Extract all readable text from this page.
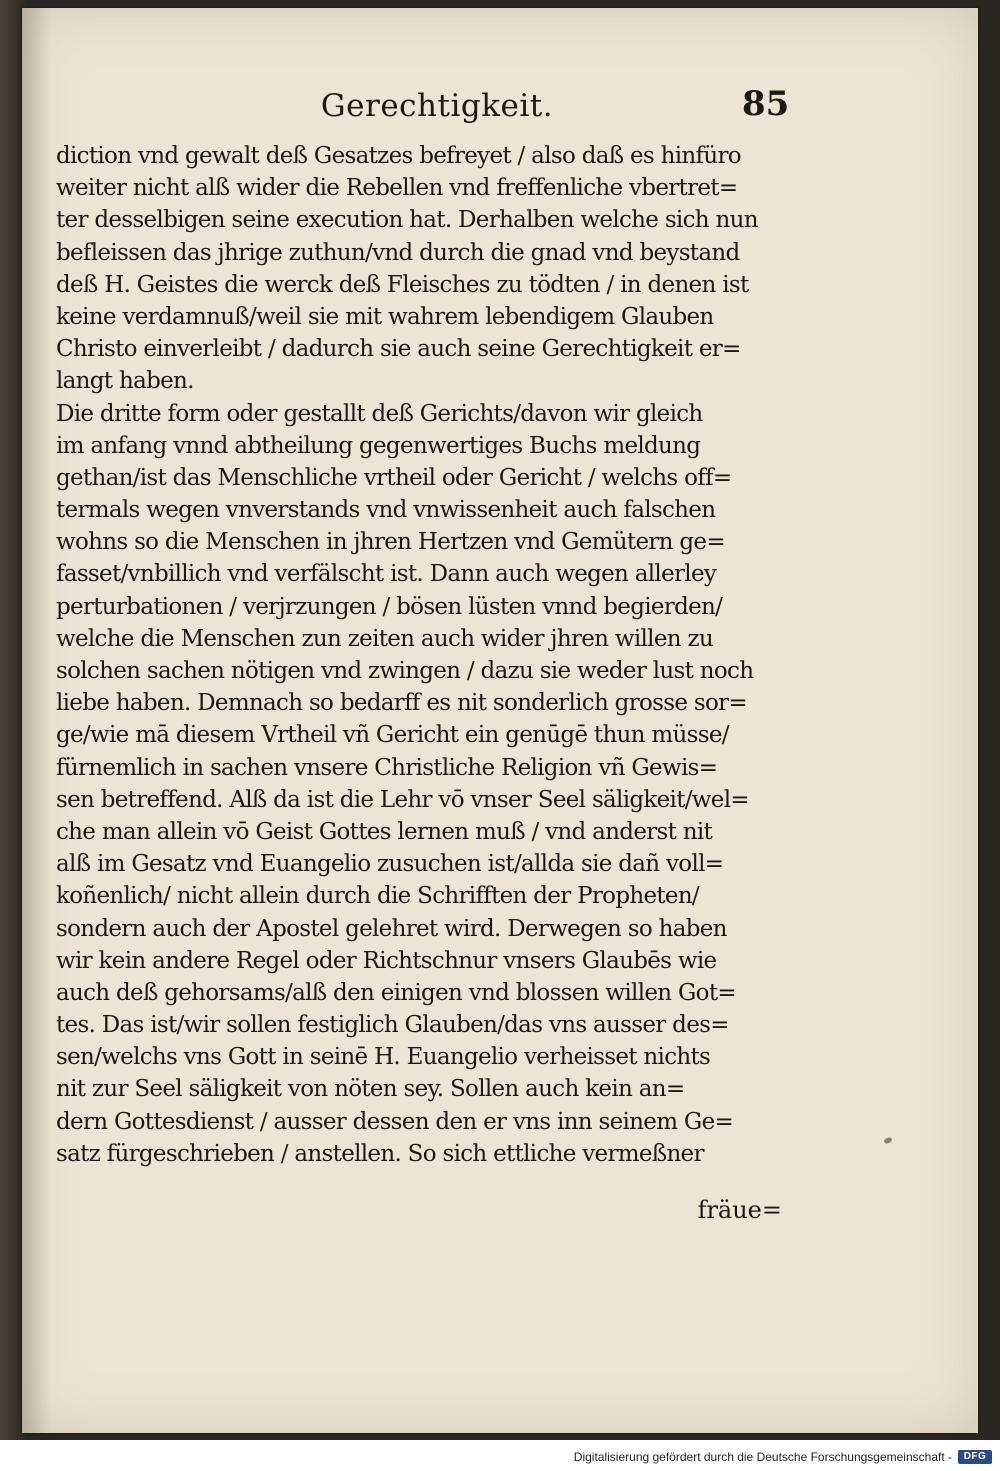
Gerechtigkeit.	85
diction vnd gewalt deß Gesatzes befreyet / also daß es hinfüro
weiter nicht alß wider die Rebellen vnd freffenliche vbertret=
ter desselbigen seine execution hat. Derhalben welche sich nun
befleissen das jhrige zuthun/vnd durch die gnad vnd beystand
deß H. Geistes die werck deß Fleisches zu tödten / in denen ist
keine verdamnuß/weil sie mit wahrem lebendigem Glauben
Christo einverleibt / dadurch sie auch seine Gerechtigkeit er=
langt haben.
Die dritte form oder gestallt deß Gerichts/davon wir gleich
im anfang vnnd abtheilung gegenwertiges Buchs meldung
gethan/ist das Menschliche vrtheil oder Gericht / welchs off=
termals wegen vnverstands vnd vnwissenheit auch falschen
wohns so die Menschen in jhren Hertzen vnd Gemütern ge=
fasset/vnbillich vnd verfälscht ist. Dann auch wegen allerley
perturbationen / verjrzungen / bösen lüsten vnnd begierden/
welche die Menschen zun zeiten auch wider jhren willen zu
solchen sachen nötigen vnd zwingen / dazu sie weder lust noch
liebe haben. Demnach so bedarff es nit sonderlich grosse sor=
ge/wie mā diesem Vrtheil vñ Gericht ein genūgē thun müsse/
fürnemlich in sachen vnsere Christliche Religion vñ Gewis=
sen betreffend. Alß da ist die Lehr vō vnser Seel säligkeit/wel=
che man allein vō Geist Gottes lernen muß / vnd anderst nit
alß im Gesatz vnd Euangelio zusuchen ist/allda sie dañ voll=
koñenlich/ nicht allein durch die Schrifften der Propheten/
sondern auch der Apostel gelehret wird. Derwegen so haben
wir kein andere Regel oder Richtschnur vnsers Glaubēs wie
auch deß gehorsams/alß den einigen vnd blossen willen Got=
tes. Das ist/wir sollen festiglich Glauben/das vns ausser des=
sen/welchs vns Gott in seinē H. Euangelio verheisset nichts
nit zur Seel säligkeit von nöten sey. Sollen auch kein an=
dern Gottesdienst / ausser dessen den er vns inn seinem Ge=
satz fürgeschrieben / anstellen. So sich ettliche vermeßner
fräue=
Digitalisierung gefördert durch die Deutsche Forschungsgemeinschaft -	DFG
